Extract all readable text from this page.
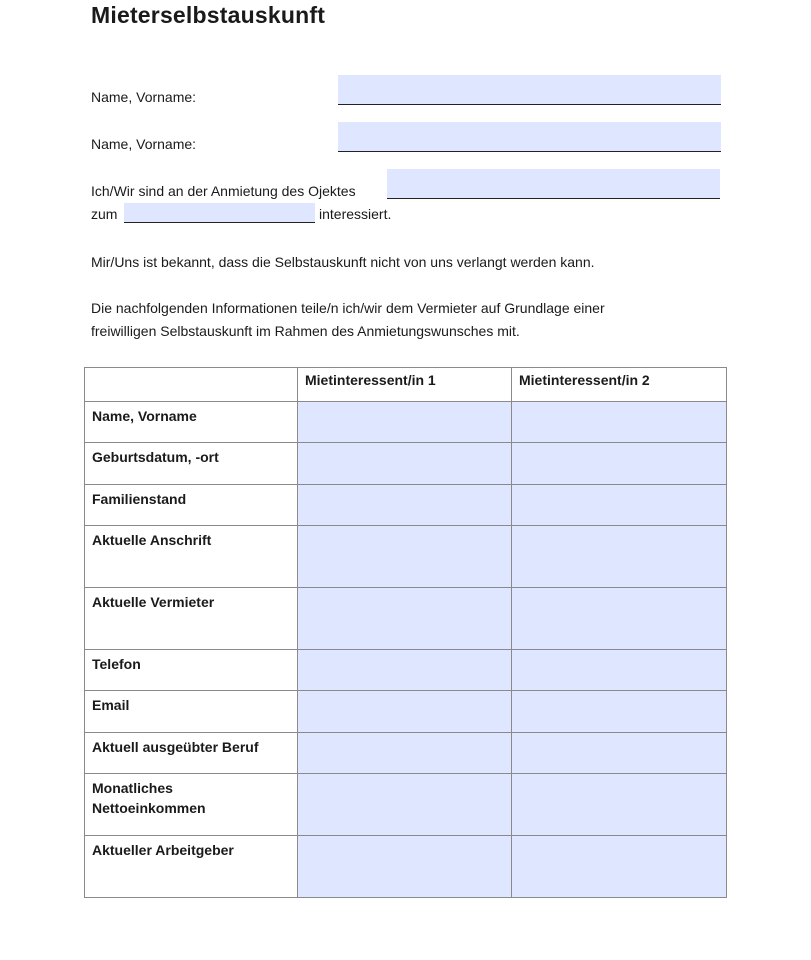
Mieterselbstauskunft
Name, Vorname:
Name, Vorname:
Ich/Wir sind an der Anmietung des Ojektes
zum	interessiert.
Mir/Uns ist bekannt, dass die Selbstauskunft nicht von uns verlangt werden kann.
Die nachfolgenden Informationen teile/n ich/wir dem Vermieter auf Grundlage einer
freiwilligen Selbstauskunft im Rahmen des Anmietungswunsches mit.
	Mietinteressent/in 1	Mietinteressent/in 2
Name, Vorname		
Geburtsdatum, -ort		
Familienstand		
Aktuelle Anschrift		
Aktuelle Vermieter		
Telefon		
Email		
Aktuell ausgeübter Beruf		
Monatliches Nettoeinkommen		
Aktueller Arbeitgeber		
